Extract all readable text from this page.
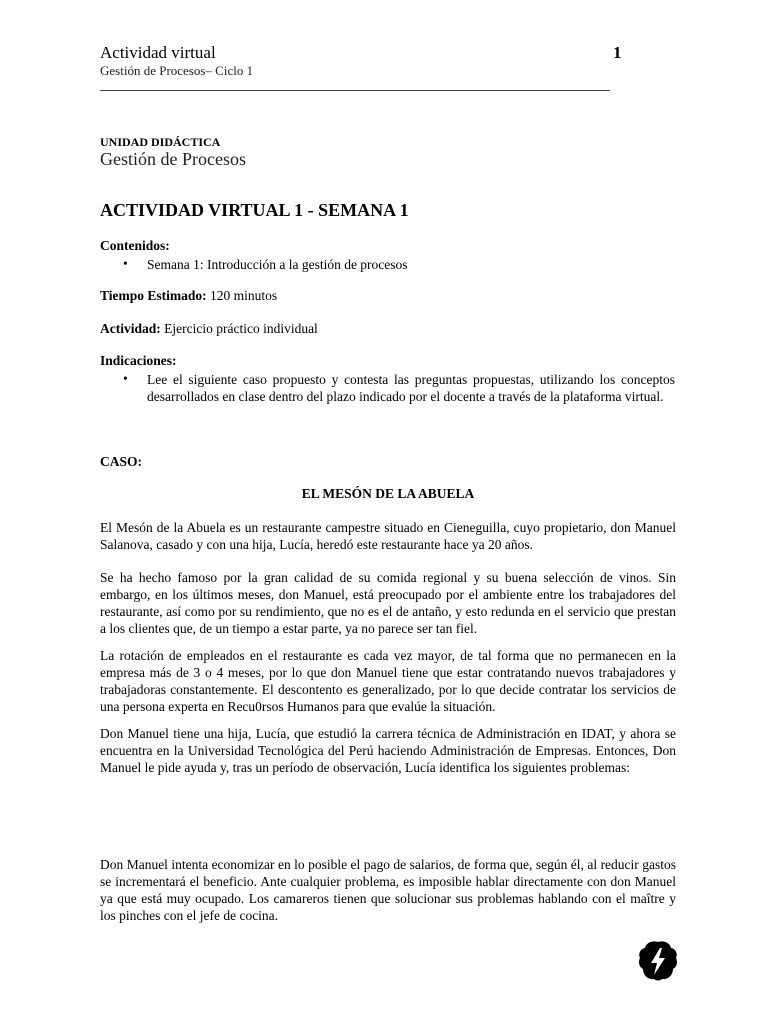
Actividad virtual	1
Gestión de Procesos– Ciclo 1
UNIDAD DIDÁCTICA
Gestión de Procesos
ACTIVIDAD VIRTUAL 1 - SEMANA 1
Contenidos:
• Semana 1: Introducción a la gestión de procesos
Tiempo Estimado: 120 minutos
Actividad: Ejercicio práctico individual
Indicaciones:
• Lee el siguiente caso propuesto y contesta las preguntas propuestas, utilizando los conceptos desarrollados en clase dentro del plazo indicado por el docente a través de la plataforma virtual.
CASO:
EL MESÓN DE LA ABUELA
El Mesón de la Abuela es un restaurante campestre situado en Cieneguilla, cuyo propietario, don Manuel Salanova, casado y con una hija, Lucía, heredó este restaurante hace ya 20 años.
Se ha hecho famoso por la gran calidad de su comida regional y su buena selección de vinos. Sin embargo, en los últimos meses, don Manuel, está preocupado por el ambiente entre los trabajadores del restaurante, así como por su rendimiento, que no es el de antaño, y esto redunda en el servicio que prestan a los clientes que, de un tiempo a estar parte, ya no parece ser tan fiel.
La rotación de empleados en el restaurante es cada vez mayor, de tal forma que no permanecen en la empresa más de 3 o 4 meses, por lo que don Manuel tiene que estar contratando nuevos trabajadores y trabajadoras constantemente. El descontento es generalizado, por lo que decide contratar los servicios de una persona experta en Recu0rsos Humanos para que evalúe la situación.
Don Manuel tiene una hija, Lucía, que estudió la carrera técnica de Administración en IDAT, y ahora se encuentra en la Universidad Tecnológica del Perú haciendo Administración de Empresas. Entonces, Don Manuel le pide ayuda y, tras un período de observación, Lucía identifica los siguientes problemas:
Don Manuel intenta economizar en lo posible el pago de salarios, de forma que, según él, al reducir gastos se incrementará el beneficio. Ante cualquier problema, es imposible hablar directamente con don Manuel ya que está muy ocupado. Los camareros tienen que solucionar sus problemas hablando con el maître y los pinches con el jefe de cocina.
